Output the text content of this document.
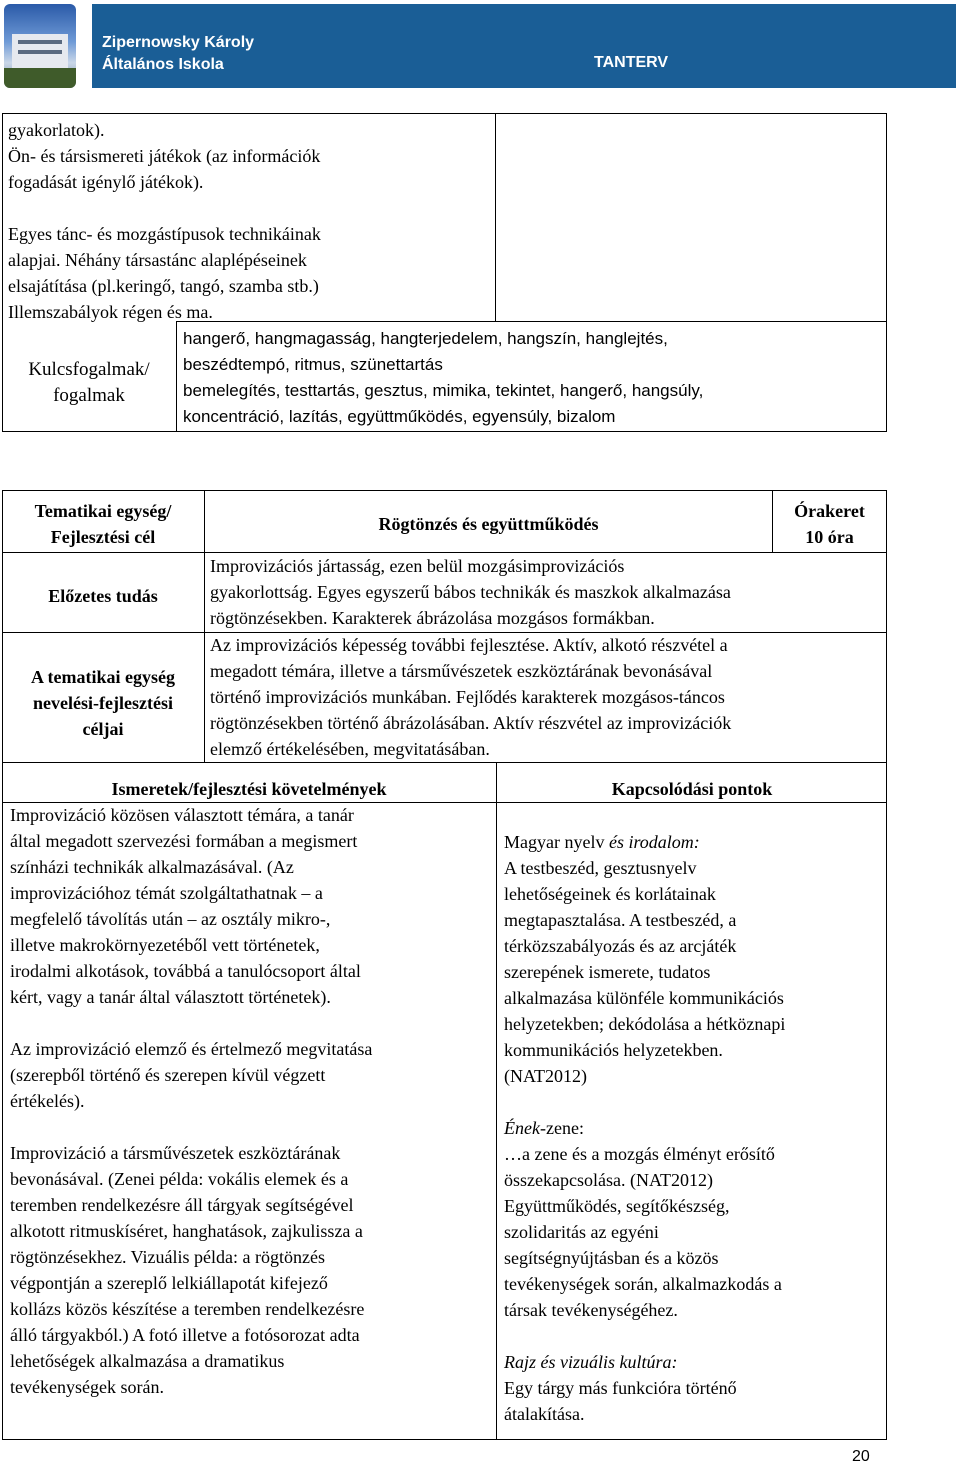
Zipernowsky Károly
Általános Iskola	TANTERV
gyakorlatok).
Ön- és társismereti játékok (az információk
fogadását igénylő játékok).
Egyes tánc- és mozgástípusok technikáinak
alapjai. Néhány társastánc alaplépéseinek
elsajátítása (pl.keringő, tangó, szamba stb.)
Illemszabályok régen és ma.
Kulcsfogalmak/
fogalmak
hangerő, hangmagasság, hangterjedelem, hangszín, hanglejtés,
beszédtempó, ritmus, szünettartás
bemelegítés, testtartás, gesztus, mimika, tekintet, hangerő, hangsúly,
koncentráció, lazítás, együttműködés, egyensúly, bizalom
Tematikai egység/
Fejlesztési cél
Rögtönzés és együttműködés
Órakeret
10 óra
Előzetes tudás
Improvizációs jártasság, ezen belül mozgásimprovizációs
gyakorlottság. Egyes egyszerű bábos technikák és maszkok alkalmazása
rögtönzésekben. Karakterek ábrázolása mozgásos formákban.
A tematikai egység
nevelési-fejlesztési
céljai
Az improvizációs képesség további fejlesztése. Aktív, alkotó részvétel a
megadott témára, illetve a társművészetek eszköztárának bevonásával
történő improvizációs munkában. Fejlődés karakterek mozgásos-táncos
rögtönzésekben történő ábrázolásában. Aktív részvétel az improvizációk
elemző értékelésében, megvitatásában.
Ismeretek/fejlesztési követelmények	Kapcsolódási pontok
Improvizáció közösen választott témára, a tanár
által megadott szervezési formában a megismert
színházi technikák alkalmazásával. (Az
improvizációhoz témát szolgáltathatnak – a
megfelelő távolítás után – az osztály mikro-,
illetve makrokörnyezetéből vett történetek,
irodalmi alkotások, továbbá a tanulócsoport által
kért, vagy a tanár által választott történetek).
Az improvizáció elemző és értelmező megvitatása
(szerepből történő és szerepen kívül végzett
értékelés).
Improvizáció a társművészetek eszköztárának
bevonásával. (Zenei példa: vokális elemek és a
teremben rendelkezésre áll tárgyak segítségével
alkotott ritmuskíséret, hanghatások, zajkulissza a
rögtönzésekhez. Vizuális példa: a rögtönzés
végpontján a szereplő lelkiállapotát kifejező
kollázs közös készítése a teremben rendelkezésre
álló tárgyakból.) A fotó illetve a fotósorozat adta
lehetőségek alkalmazása a dramatikus
tevékenységek során.
Magyar nyelv és irodalom:
A testbeszéd, gesztusnyelv
lehetőségeinek és korlátainak
megtapasztalása. A testbeszéd, a
térközszabályozás és az arcjáték
szerepének ismerete, tudatos
alkalmazása különféle kommunikációs
helyzetekben; dekódolása a hétköznapi
kommunikációs helyzetekben.
(NAT2012)
Ének-zene:
…a zene és a mozgás élményt erősítő
összekapcsolása. (NAT2012)
Együttműködés, segítőkészség,
szolidaritás az egyéni
segítségnyújtásban és a közös
tevékenységek során, alkalmazkodás a
társak tevékenységéhez.
Rajz és vizuális kultúra:
Egy tárgy más funkcióra történő
átalakítása.
20
